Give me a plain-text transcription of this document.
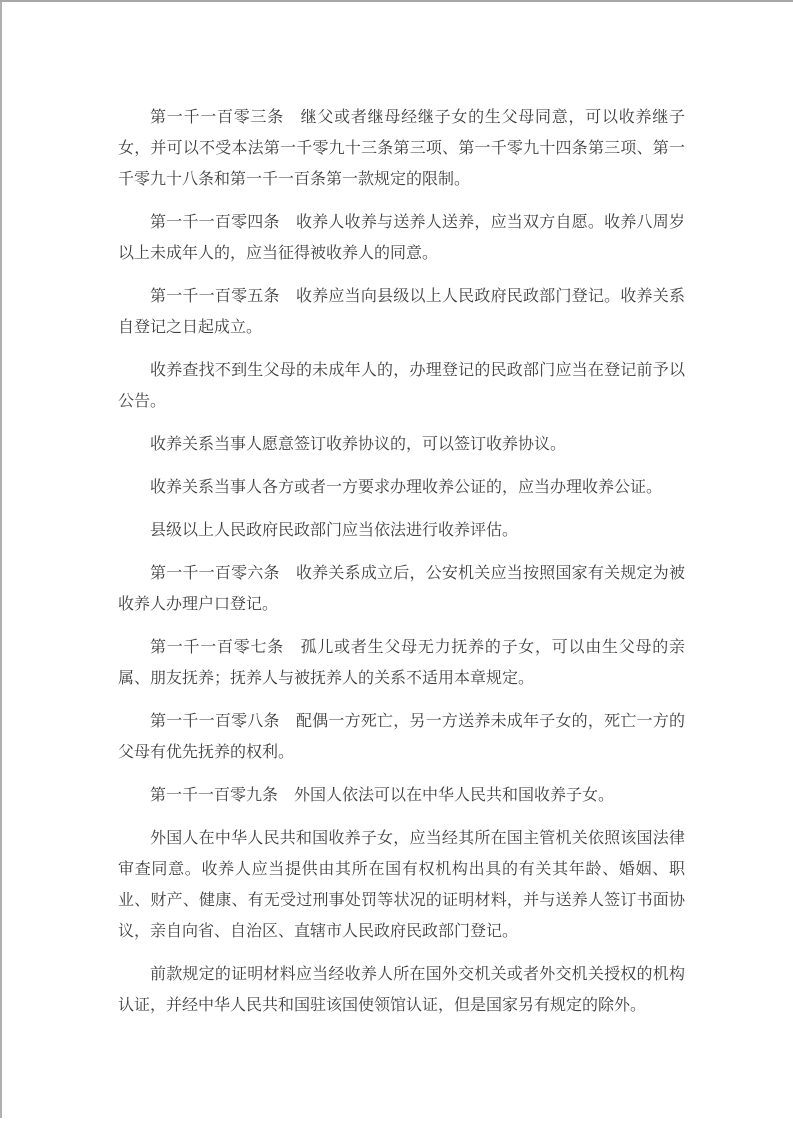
第一千一百零三条　继父或者继母经继子女的生父母同意，可以收养继子女，并可以不受本法第一千零九十三条第三项、第一千零九十四条第三项、第一千零九十八条和第一千一百条第一款规定的限制。

第一千一百零四条　收养人收养与送养人送养，应当双方自愿。收养八周岁以上未成年人的，应当征得被收养人的同意。

第一千一百零五条　收养应当向县级以上人民政府民政部门登记。收养关系自登记之日起成立。

收养查找不到生父母的未成年人的，办理登记的民政部门应当在登记前予以公告。

收养关系当事人愿意签订收养协议的，可以签订收养协议。

收养关系当事人各方或者一方要求办理收养公证的，应当办理收养公证。

县级以上人民政府民政部门应当依法进行收养评估。

第一千一百零六条　收养关系成立后，公安机关应当按照国家有关规定为被收养人办理户口登记。

第一千一百零七条　孤儿或者生父母无力抚养的子女，可以由生父母的亲属、朋友抚养；抚养人与被抚养人的关系不适用本章规定。

第一千一百零八条　配偶一方死亡，另一方送养未成年子女的，死亡一方的父母有优先抚养的权利。

第一千一百零九条　外国人依法可以在中华人民共和国收养子女。

外国人在中华人民共和国收养子女，应当经其所在国主管机关依照该国法律审查同意。收养人应当提供由其所在国有权机构出具的有关其年龄、婚姻、职业、财产、健康、有无受过刑事处罚等状况的证明材料，并与送养人签订书面协议，亲自向省、自治区、直辖市人民政府民政部门登记。

前款规定的证明材料应当经收养人所在国外交机关或者外交机关授权的机构认证，并经中华人民共和国驻该国使领馆认证，但是国家另有规定的除外。
